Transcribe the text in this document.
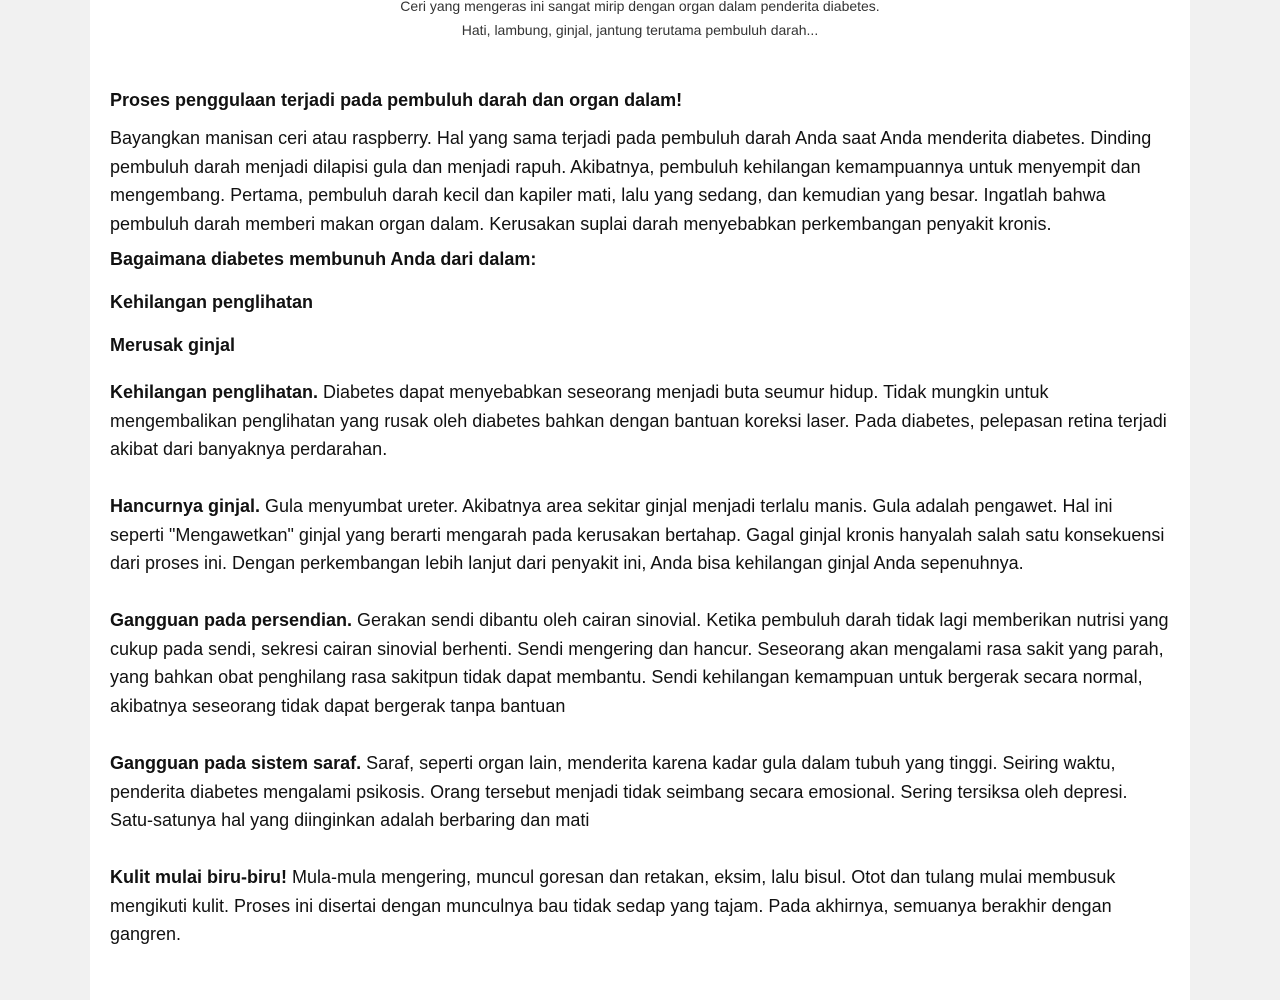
Ceri yang mengeras ini sangat mirip dengan organ dalam penderita diabetes.
Hati, lambung, ginjal, jantung terutama pembuluh darah...

Proses penggulaan terjadi pada pembuluh darah dan organ dalam!

Bayangkan manisan ceri atau raspberry. Hal yang sama terjadi pada pembuluh darah Anda saat Anda menderita diabetes. Dinding pembuluh darah menjadi dilapisi gula dan menjadi rapuh. Akibatnya, pembuluh kehilangan kemampuannya untuk menyempit dan mengembang. Pertama, pembuluh darah kecil dan kapiler mati, lalu yang sedang, dan kemudian yang besar. Ingatlah bahwa pembuluh darah memberi makan organ dalam. Kerusakan suplai darah menyebabkan perkembangan penyakit kronis.

Bagaimana diabetes membunuh Anda dari dalam:

Kehilangan penglihatan

Merusak ginjal

Kehilangan penglihatan. Diabetes dapat menyebabkan seseorang menjadi buta seumur hidup. Tidak mungkin untuk mengembalikan penglihatan yang rusak oleh diabetes bahkan dengan bantuan koreksi laser. Pada diabetes, pelepasan retina terjadi akibat dari banyaknya perdarahan.

Hancurnya ginjal. Gula menyumbat ureter. Akibatnya area sekitar ginjal menjadi terlalu manis. Gula adalah pengawet. Hal ini seperti "Mengawetkan" ginjal yang berarti mengarah pada kerusakan bertahap. Gagal ginjal kronis hanyalah salah satu konsekuensi dari proses ini. Dengan perkembangan lebih lanjut dari penyakit ini, Anda bisa kehilangan ginjal Anda sepenuhnya.

Gangguan pada persendian. Gerakan sendi dibantu oleh cairan sinovial. Ketika pembuluh darah tidak lagi memberikan nutrisi yang cukup pada sendi, sekresi cairan sinovial berhenti. Sendi mengering dan hancur. Seseorang akan mengalami rasa sakit yang parah, yang bahkan obat penghilang rasa sakitpun tidak dapat membantu. Sendi kehilangan kemampuan untuk bergerak secara normal, akibatnya seseorang tidak dapat bergerak tanpa bantuan

Gangguan pada sistem saraf. Saraf, seperti organ lain, menderita karena kadar gula dalam tubuh yang tinggi. Seiring waktu, penderita diabetes mengalami psikosis. Orang tersebut menjadi tidak seimbang secara emosional. Sering tersiksa oleh depresi. Satu-satunya hal yang diinginkan adalah berbaring dan mati

Kulit mulai biru-biru! Mula-mula mengering, muncul goresan dan retakan, eksim, lalu bisul. Otot dan tulang mulai membusuk mengikuti kulit. Proses ini disertai dengan munculnya bau tidak sedap yang tajam. Pada akhirnya, semuanya berakhir dengan gangren.
